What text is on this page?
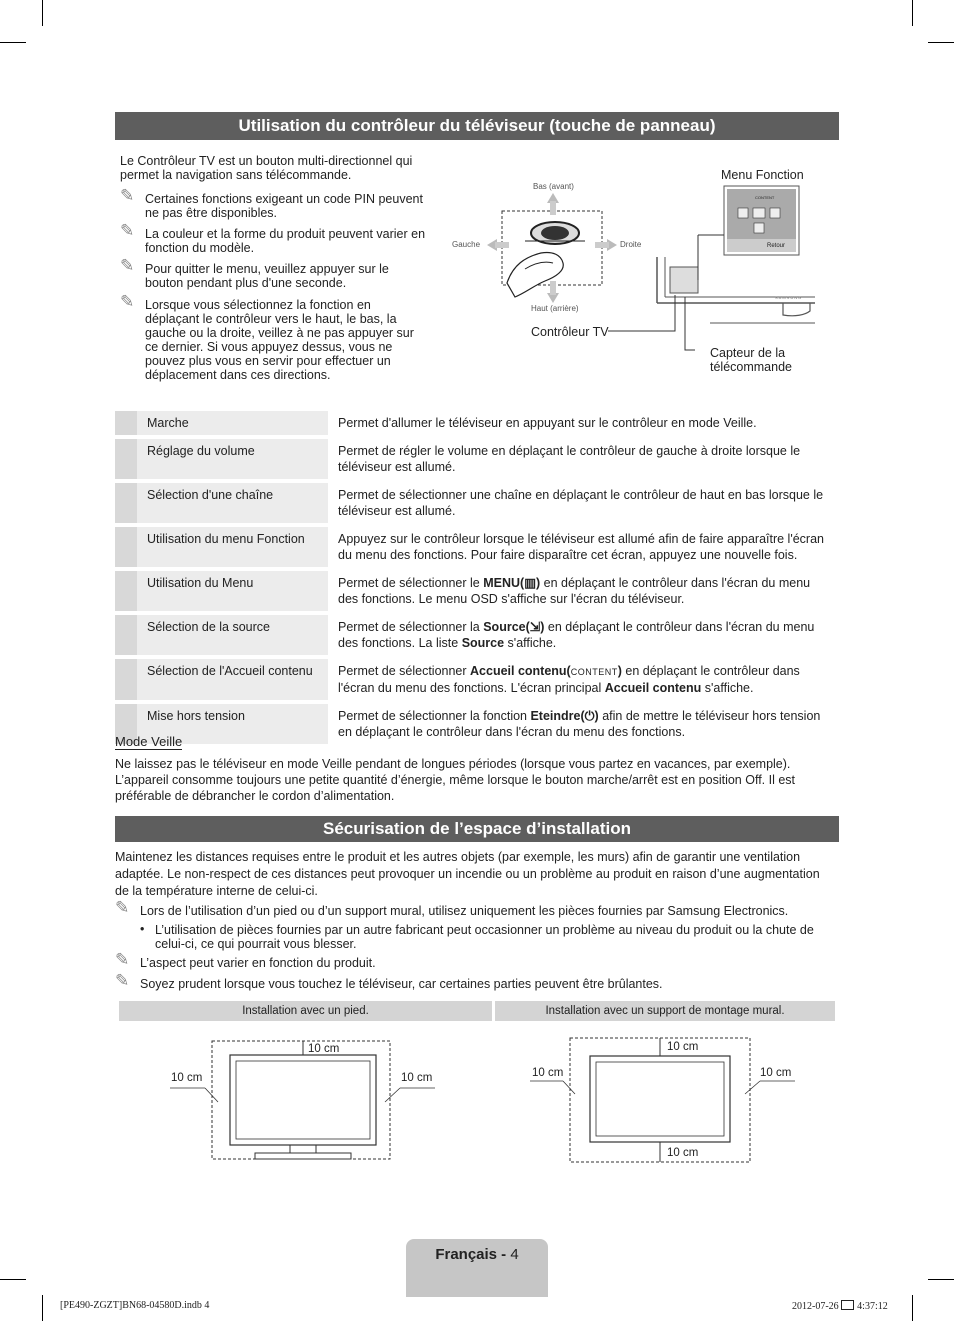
Utilisation du contrôleur du téléviseur (touche de panneau)
Le Contrôleur TV est un bouton multi-directionnel qui permet la navigation sans télécommande.
✎ Certaines fonctions exigeant un code PIN peuvent ne pas être disponibles.
✎ La couleur et la forme du produit peuvent varier en fonction du modèle.
✎ Pour quitter le menu, veuillez appuyer sur le bouton pendant plus d'une seconde.
✎ Lorsque vous sélectionnez la fonction en déplaçant le contrôleur vers le haut, le bas, la gauche ou la droite, veillez à ne pas appuyer sur ce dernier. Si vous appuyez dessus, vous ne pouvez plus vous en servir pour effectuer un déplacement dans ces directions.
Bas (avant)
Haut (arrière)
Gauche	Droite
Contrôleur TV
Menu Fonction
Capteur de la télécommande
Retour
CONTENT
SAMSUNG
	Marche	Permet d'allumer le téléviseur en appuyant sur le contrôleur en mode Veille.
	Réglage du volume	Permet de régler le volume en déplaçant le contrôleur de gauche à droite lorsque le téléviseur est allumé.
	Sélection d'une chaîne	Permet de sélectionner une chaîne en déplaçant le contrôleur de haut en bas lorsque le téléviseur est allumé.
	Utilisation du menu Fonction	Appuyez sur le contrôleur lorsque le téléviseur est allumé afin de faire apparaître l'écran du menu des fonctions. Pour faire disparaître cet écran, appuyez une nouvelle fois.
	Utilisation du Menu	Permet de sélectionner le MENU(▥) en déplaçant le contrôleur dans l'écran du menu des fonctions. Le menu OSD s'affiche sur l'écran du téléviseur.
	Sélection de la source	Permet de sélectionner la Source(⇲) en déplaçant le contrôleur dans l'écran du menu des fonctions. La liste Source s'affiche.
	Sélection de l'Accueil contenu	Permet de sélectionner Accueil contenu(CONTENT) en déplaçant le contrôleur dans l'écran du menu des fonctions. L'écran principal Accueil contenu s'affiche.
	Mise hors tension	Permet de sélectionner la fonction Eteindre(⏻) afin de mettre le téléviseur hors tension en déplaçant le contrôleur dans l'écran du menu des fonctions.
Mode Veille
Ne laissez pas le téléviseur en mode Veille pendant de longues périodes (lorsque vous partez en vacances, par exemple). L’appareil consomme toujours une petite quantité d’énergie, même lorsque le bouton marche/arrêt est en position Off. Il est préférable de débrancher le cordon d’alimentation.
Sécurisation de l’espace d’installation
Maintenez les distances requises entre le produit et les autres objets (par exemple, les murs) afin de garantir une ventilation adaptée. Le non-respect de ces distances peut provoquer un incendie ou un problème au produit en raison d’une augmentation de la température interne de celui-ci.
✎ Lors de l’utilisation d’un pied ou d’un support mural, utilisez uniquement les pièces fournies par Samsung Electronics.
• L’utilisation de pièces fournies par un autre fabricant peut occasionner un problème au niveau du produit ou la chute de celui-ci, ce qui pourrait vous blesser.
✎ L’aspect peut varier en fonction du produit.
✎ Soyez prudent lorsque vous touchez le téléviseur, car certaines parties peuvent être brûlantes.
Installation avec un pied.	Installation avec un support de montage mural.
10 cm
10 cm	10 cm
10 cm
10 cm	10 cm
10 cm
Français - 4
[PE490-ZGZT]BN68-04580D.indb 4	2012-07-26 4:37:12
